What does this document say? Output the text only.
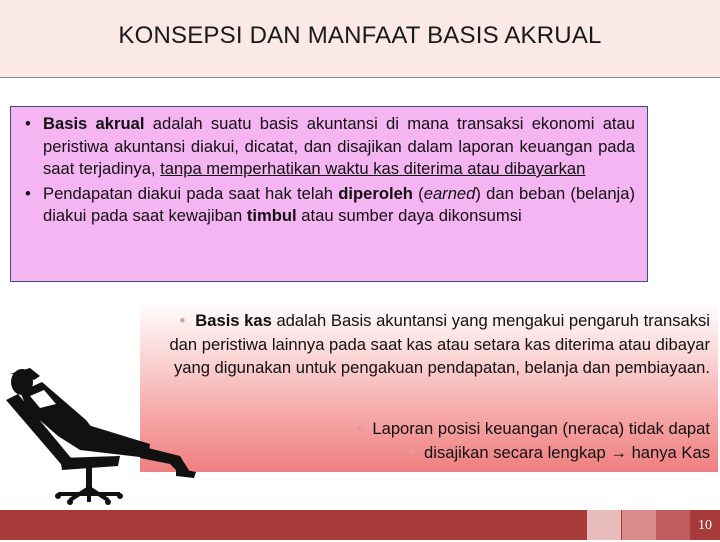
KONSEPSI DAN MANFAAT BASIS AKRUAL
• Basis akrual adalah suatu basis akuntansi di mana transaksi ekonomi atau peristiwa akuntansi diakui, dicatat, dan disajikan dalam laporan keuangan pada saat terjadinya, tanpa memperhatikan waktu kas diterima atau dibayarkan
• Pendapatan diakui pada saat hak telah diperoleh (earned) dan beban (belanja) diakui pada saat kewajiban timbul atau sumber daya dikonsumsi
• Basis kas adalah Basis akuntansi yang mengakui pengaruh transaksi dan peristiwa lainnya pada saat kas atau setara kas diterima atau dibayar yang digunakan untuk pengakuan pendapatan, belanja dan pembiayaan.
• Laporan posisi keuangan (neraca) tidak dapat
• disajikan secara lengkap → hanya Kas
10
